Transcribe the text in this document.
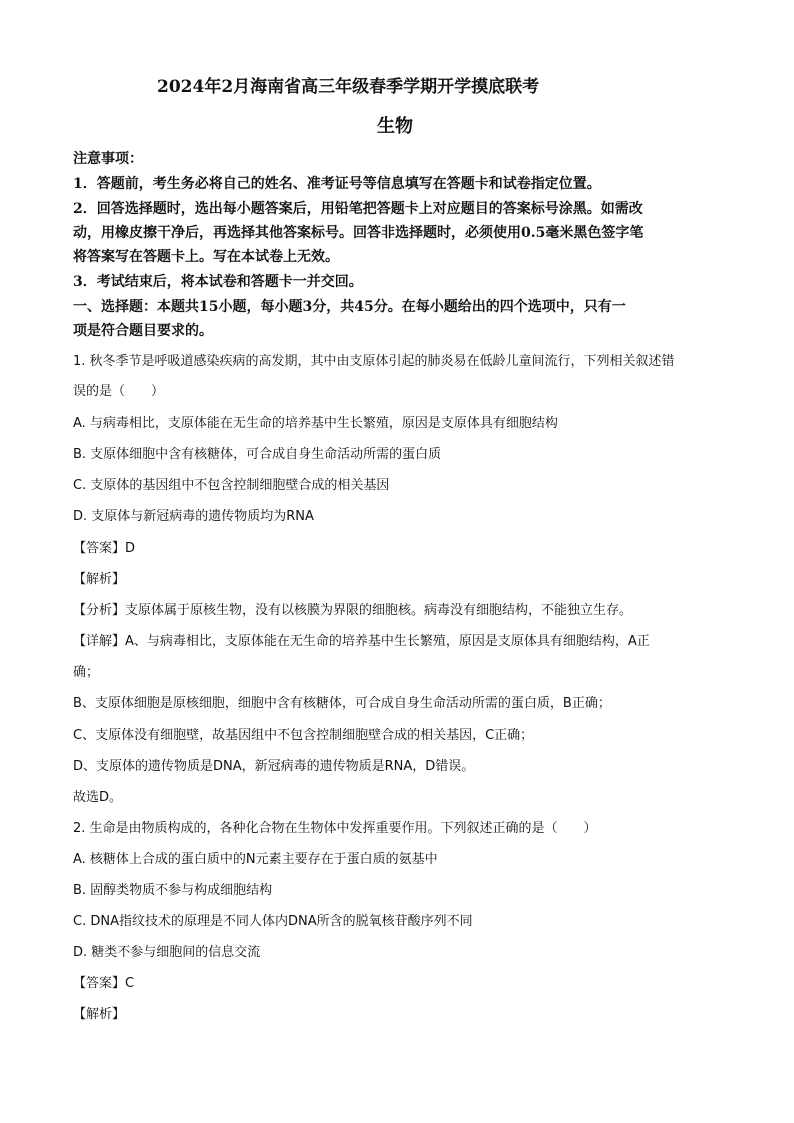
2024年2月海南省高三年级春季学期开学摸底联考
生物
注意事项：
1．答题前，考生务必将自己的姓名、准考证号等信息填写在答题卡和试卷指定位置。
2．回答选择题时，选出每小题答案后，用铅笔把答题卡上对应题目的答案标号涂黑。如需改
动，用橡皮擦干净后，再选择其他答案标号。回答非选择题时，必须使用0.5毫米黑色签字笔
将答案写在答题卡上。写在本试卷上无效。
3．考试结束后，将本试卷和答题卡一并交回。
一、选择题：本题共15小题，每小题3分，共45分。在每小题给出的四个选项中，只有一
项是符合题目要求的。
1. 秋冬季节是呼吸道感染疾病的高发期，其中由支原体引起的肺炎易在低龄儿童间流行，下列相关叙述错
误的是（　　）
A. 与病毒相比，支原体能在无生命的培养基中生长繁殖，原因是支原体具有细胞结构
B. 支原体细胞中含有核糖体，可合成自身生命活动所需的蛋白质
C. 支原体的基因组中不包含控制细胞壁合成的相关基因
D. 支原体与新冠病毒的遗传物质均为RNA
【答案】D
【解析】
【分析】支原体属于原核生物，没有以核膜为界限的细胞核。病毒没有细胞结构，不能独立生存。
【详解】A、与病毒相比，支原体能在无生命的培养基中生长繁殖，原因是支原体具有细胞结构，A正
确；
B、支原体细胞是原核细胞，细胞中含有核糖体，可合成自身生命活动所需的蛋白质，B正确；
C、支原体没有细胞壁，故基因组中不包含控制细胞壁合成的相关基因，C正确；
D、支原体的遗传物质是DNA，新冠病毒的遗传物质是RNA，D错误。
故选D。
2. 生命是由物质构成的，各种化合物在生物体中发挥重要作用。下列叙述正确的是（　　）
A. 核糖体上合成的蛋白质中的N元素主要存在于蛋白质的氨基中
B. 固醇类物质不参与构成细胞结构
C. DNA指纹技术的原理是不同人体内DNA所含的脱氧核苷酸序列不同
D. 糖类不参与细胞间的信息交流
【答案】C
【解析】
